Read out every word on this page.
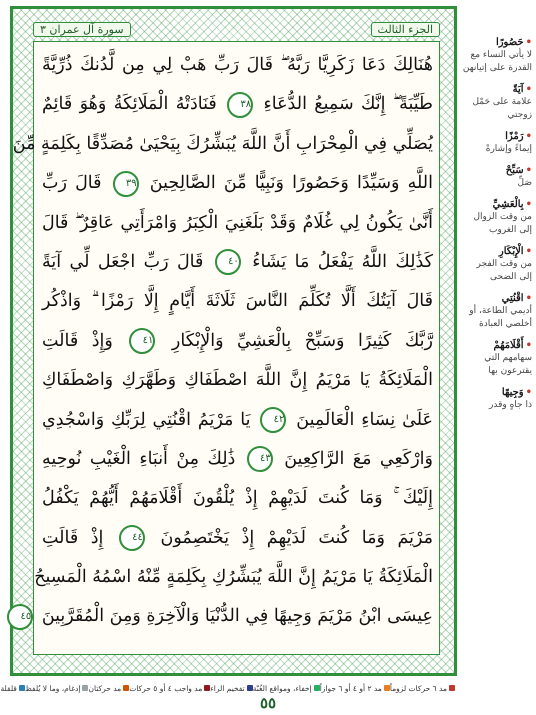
الجزء الثالث
سورة آل عمران ٣
هُنَالِكَ دَعَا زَكَرِيَّا رَبَّهُ ۖ قَالَ رَبِّ هَبْ لِي مِن لَّدُنكَ ذُرِّيَّةً
طَيِّبَةً ۖ إِنَّكَ سَمِيعُ الدُّعَاءِ ٣٨ فَنَادَتْهُ الْمَلَائِكَةُ وَهُوَ قَائِمٌ
يُصَلِّي فِي الْمِحْرَابِ أَنَّ اللَّهَ يُبَشِّرُكَ بِيَحْيَىٰ مُصَدِّقًا بِكَلِمَةٍ مِّنَ
اللَّهِ وَسَيِّدًا وَحَصُورًا وَنَبِيًّا مِّنَ الصَّالِحِينَ ٣٩ قَالَ رَبِّ
أَنَّىٰ يَكُونُ لِي غُلَامٌ وَقَدْ بَلَغَنِيَ الْكِبَرُ وَامْرَأَتِي عَاقِرٌ ۖ قَالَ
كَذَٰلِكَ اللَّهُ يَفْعَلُ مَا يَشَاءُ ٤٠ قَالَ رَبِّ اجْعَل لِّي آيَةً
قَالَ آيَتُكَ أَلَّا تُكَلِّمَ النَّاسَ ثَلَاثَةَ أَيَّامٍ إِلَّا رَمْزًا ۗ وَاذْكُر
رَّبَّكَ كَثِيرًا وَسَبِّحْ بِالْعَشِيِّ وَالْإِبْكَارِ ٤١ وَإِذْ قَالَتِ
الْمَلَائِكَةُ يَا مَرْيَمُ إِنَّ اللَّهَ اصْطَفَاكِ وَطَهَّرَكِ وَاصْطَفَاكِ
عَلَىٰ نِسَاءِ الْعَالَمِينَ ٤٢ يَا مَرْيَمُ اقْنُتِي لِرَبِّكِ وَاسْجُدِي
وَارْكَعِي مَعَ الرَّاكِعِينَ ٤٣ ذَٰلِكَ مِنْ أَنبَاءِ الْغَيْبِ نُوحِيهِ
إِلَيْكَ ۚ وَمَا كُنتَ لَدَيْهِمْ إِذْ يُلْقُونَ أَقْلَامَهُمْ أَيُّهُمْ يَكْفُلُ
مَرْيَمَ وَمَا كُنتَ لَدَيْهِمْ إِذْ يَخْتَصِمُونَ ٤٤ إِذْ قَالَتِ
الْمَلَائِكَةُ يَا مَرْيَمُ إِنَّ اللَّهَ يُبَشِّرُكِ بِكَلِمَةٍ مِّنْهُ اسْمُهُ الْمَسِيحُ
عِيسَى ابْنُ مَرْيَمَ وَجِيهًا فِي الدُّنْيَا وَالْآخِرَةِ وَمِنَ الْمُقَرَّبِينَ ٤٥
• حَصُورًا
لا يأتي النساء مع القدرة على إتيانهن
• آيَةً
علامة على حَمْل زوجتي
• رَمْزًا
إيماءً وإشارةً
• سَبِّحْ
صَلِّ
• بِالْعَشِيِّ
من وقت الزوال إلى الغروب
• الْإِبْكَارِ
من وقت الفجر إلى الضحى
• اقْنُتِي
أديمي الطاعة، أو أخلصي العبادة
• أَقْلَامَهُمْ
سهامهم التي يقترعون بها
• وَجِيهًا
ذا جاهٍ وقدر
مد ٦ حركات لزوماً
مد ٢ أو ٤ أو ٦ جوازاً
إخفاء، ومواقع الغُنّة
تفخيم الراء
مد واجب ٤ أو ٥ حركات
مد حركتان
إدغام، وما لا يُلفظ
قلقلة
٥٥
